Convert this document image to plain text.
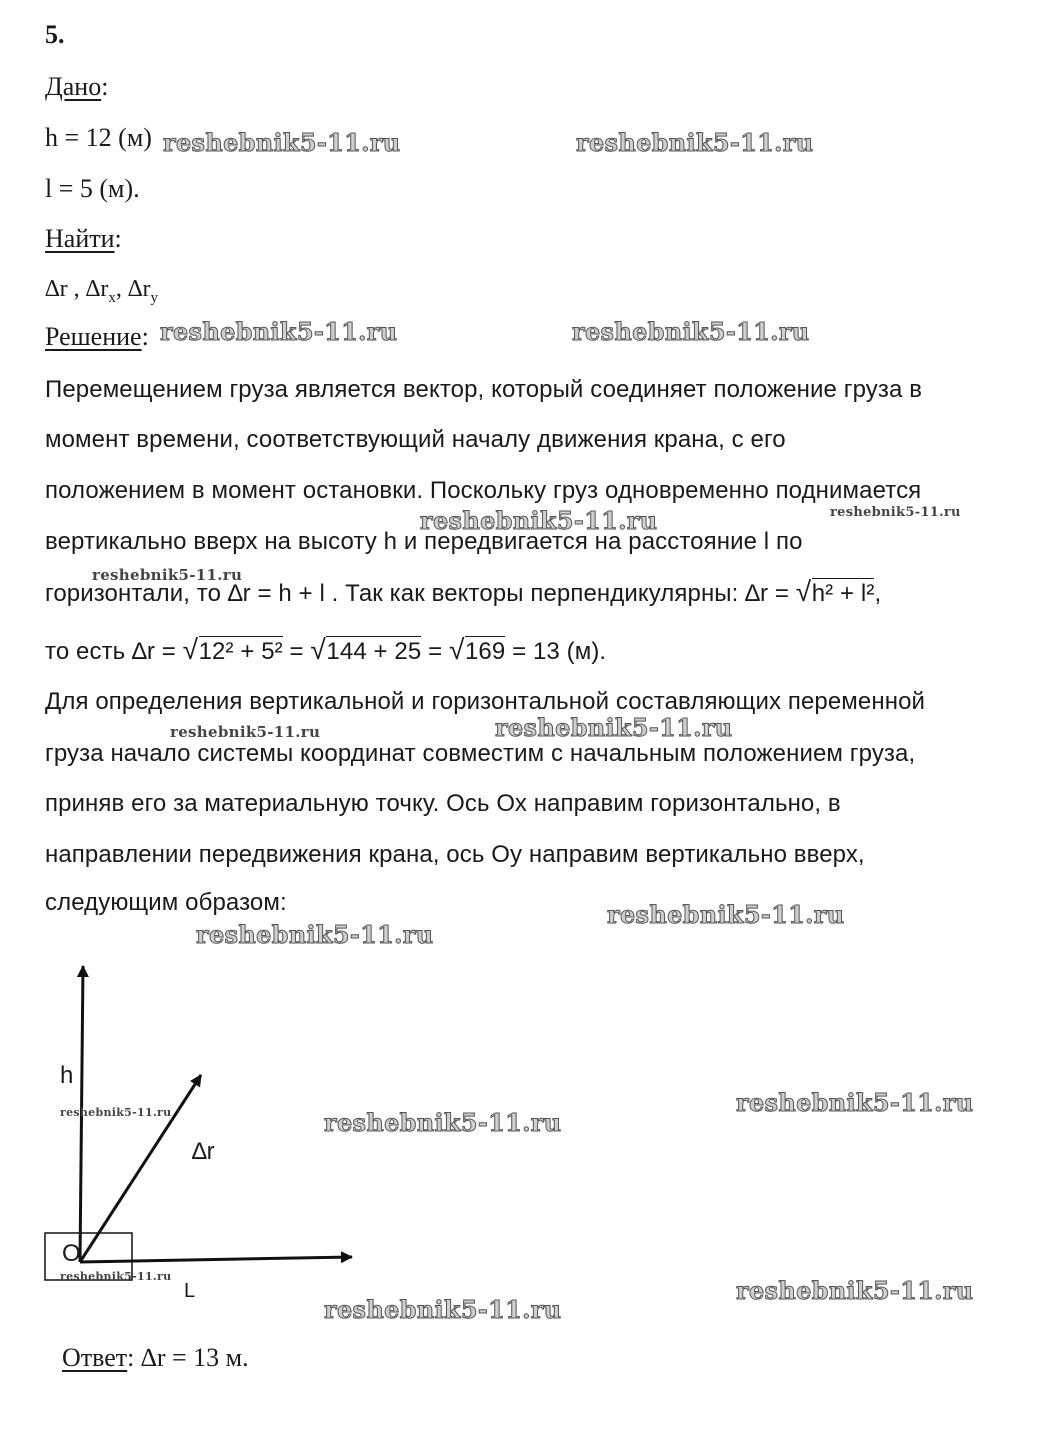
5.
Дано:
h = 12 (м)
l = 5 (м).
Найти:
∆r , $\Delta r_x$, $\Delta r_y$
Решение:
Перемещением груза является вектор, который соединяет положение груза в
момент времени, соответствующий началу движения крана, с его
положением в момент остановки. Поскольку груз одновременно поднимается
вертикально вверх на высоту h и передвигается на расстояние l по
горизонтали, то ∆r = h + l . Так как векторы перпендикулярны: ∆r = √ h² + l²,
то есть ∆r = √ 12² + 5² = √ 144 + 25 = √ 169 = 13 (м).
Для определения вертикальной и горизонтальной составляющих переменной
груза начало системы координат совместим с начальным положением груза,
приняв его за материальную точку. Ось Ох направим горизонтально, в
направлении передвижения крана, ось Оу направим вертикально вверх,
следующим образом:
h
∆r
O
L
Ответ: ∆r = 13 м.
reshebnik5-11.ru	reshebnik5-11.ru
reshebnik5-11.ru	reshebnik5-11.ru
reshebnik5-11.ru	reshebnik5-11.ru
reshebnik5-11.ru
reshebnik5-11.ru	reshebnik5-11.ru
reshebnik5-11.ru
reshebnik5-11.ru
reshebnik5-11.ru
reshebnik5-11.ru	reshebnik5-11.ru
reshebnik5-11.ru	reshebnik5-11.ru
reshebnik5-11.ru
